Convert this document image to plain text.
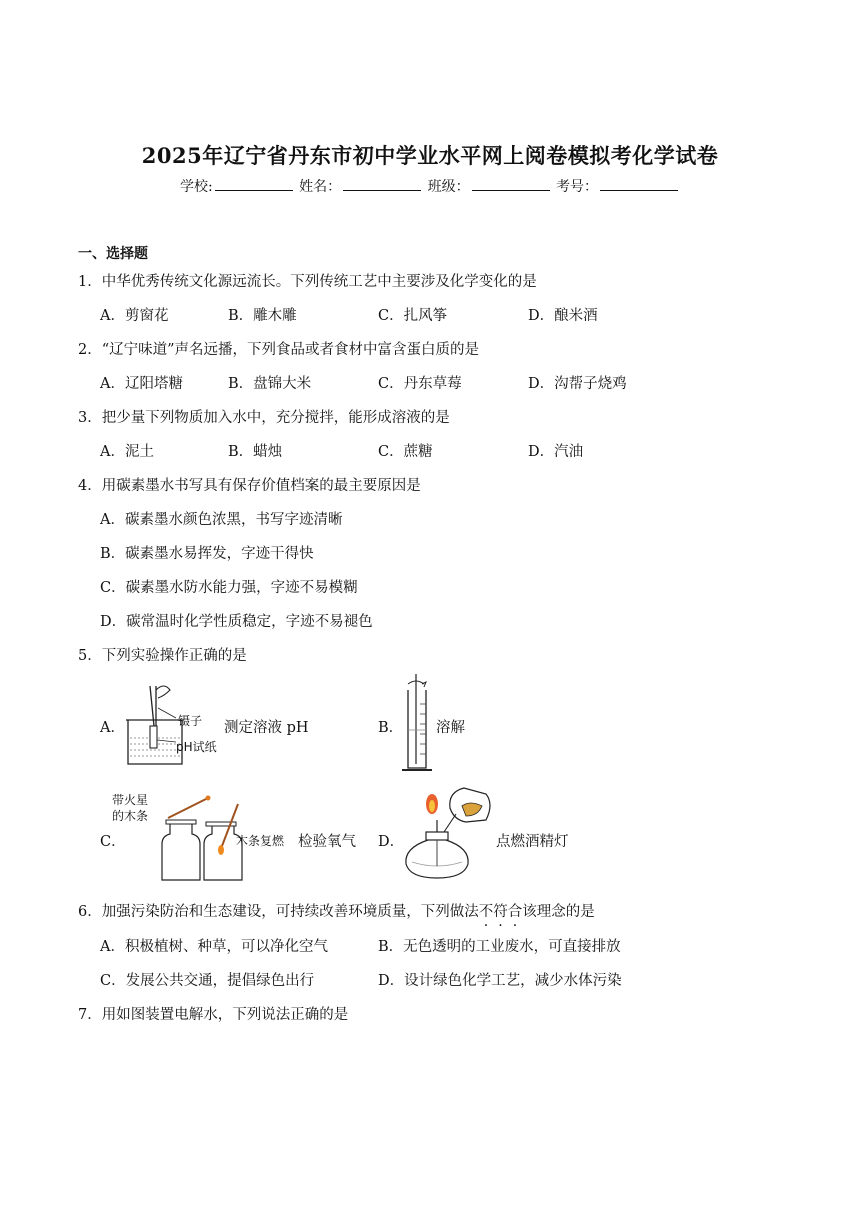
2025年辽宁省丹东市初中学业水平网上阅卷模拟考化学试卷
学校:	姓名：	班级：	考号：
一、选择题
1．中华优秀传统文化源远流长。下列传统工艺中主要涉及化学变化的是
A．剪窗花	B．雕木雕	C．扎风筝	D．酿米酒
2．“辽宁味道”声名远播，下列食品或者食材中富含蛋白质的是
A．辽阳塔糖	B．盘锦大米	C．丹东草莓	D．沟帮子烧鸡
3．把少量下列物质加入水中，充分搅拌，能形成溶液的是
A．泥土	B．蜡烛	C．蔗糖	D．汽油
4．用碳素墨水书写具有保存价值档案的最主要原因是
A．碳素墨水颜色浓黑，书写字迹清晰
B．碳素墨水易挥发，字迹干得快
C．碳素墨水防水能力强，字迹不易模糊
D．碳常温时化学性质稳定，字迹不易褪色
5．下列实验操作正确的是
A．	镊子
pH试纸
测定溶液 pH	B． 溶解
C．
带火星
的木条
木条复燃 检验氧气 D．	点燃酒精灯
6．加强污染防治和生态建设，可持续改善环境质量，下列做法不符合该理念的是
A．积极植树、种草，可以净化空气	B．无色透明的工业废水，可直接排放
C．发展公共交通，提倡绿色出行	D．设计绿色化学工艺，减少水体污染
7．用如图装置电解水，下列说法正确的是
